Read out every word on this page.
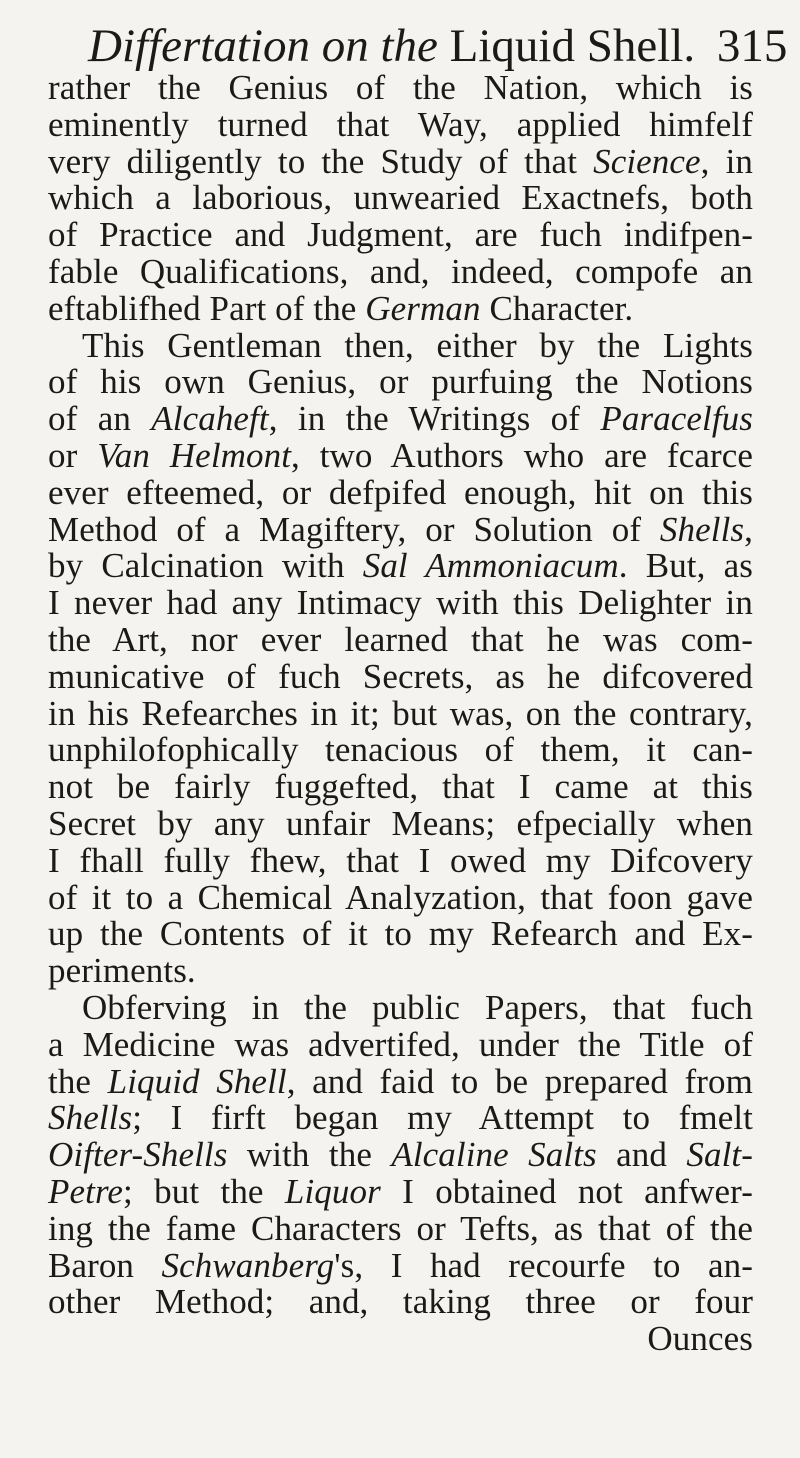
Differtation on the Liquid Shell. 315
rather the Genius of the Nation, which is
eminently turned that Way, applied himfelf
very diligently to the Study of that Science, in
which a laborious, unwearied Exactnefs, both
of Practice and Judgment, are fuch indifpen-
fable Qualifications, and, indeed, compofe an
eftablifhed Part of the German Character.
This Gentleman then, either by the Lights
of his own Genius, or purfuing the Notions
of an Alcaheft, in the Writings of Paracelfus
or Van Helmont, two Authors who are fcarce
ever efteemed, or defpifed enough, hit on this
Method of a Magiftery, or Solution of Shells,
by Calcination with Sal Ammoniacum. But, as
I never had any Intimacy with this Delighter in
the Art, nor ever learned that he was com-
municative of fuch Secrets, as he difcovered
in his Refearches in it; but was, on the contrary,
unphilofophically tenacious of them, it can-
not be fairly fuggefted, that I came at this
Secret by any unfair Means; efpecially when
I fhall fully fhew, that I owed my Difcovery
of it to a Chemical Analyzation, that foon gave
up the Contents of it to my Refearch and Ex-
periments.
Obferving in the public Papers, that fuch
a Medicine was advertifed, under the Title of
the Liquid Shell, and faid to be prepared from
Shells; I firft began my Attempt to fmelt
Oifter-Shells with the Alcaline Salts and Salt-
Petre; but the Liquor I obtained not anfwer-
ing the fame Characters or Tefts, as that of the
Baron Schwanberg's, I had recourfe to an-
other Method; and, taking three or four
Ounces
